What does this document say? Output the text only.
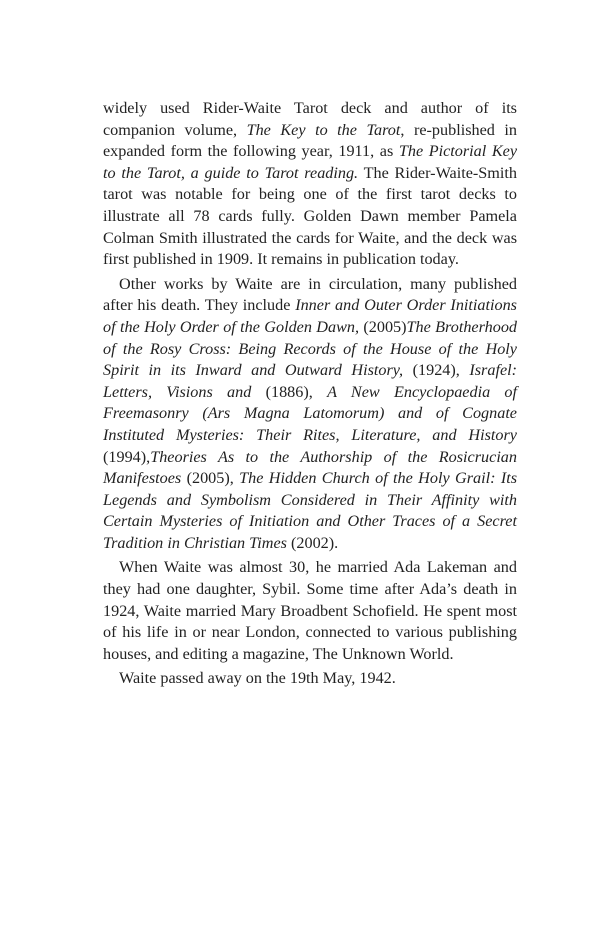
widely used Rider-Waite Tarot deck and author of its companion volume, The Key to the Tarot, re-published in expanded form the following year, 1911, as The Pictorial Key to the Tarot, a guide to Tarot reading. The Rider-Waite-Smith tarot was notable for being one of the first tarot decks to illustrate all 78 cards fully. Golden Dawn member Pamela Colman Smith illustrated the cards for Waite, and the deck was first published in 1909. It remains in publication today.

Other works by Waite are in circulation, many published after his death. They include Inner and Outer Order Initiations of the Holy Order of the Golden Dawn, (2005)The Brotherhood of the Rosy Cross: Being Records of the House of the Holy Spirit in its Inward and Outward History, (1924), Israfel: Letters, Visions and (1886), A New Encyclopaedia of Freemasonry (Ars Magna Latomorum) and of Cognate Instituted Mysteries: Their Rites, Literature, and History (1994),Theories As to the Authorship of the Rosicrucian Manifestoes (2005), The Hidden Church of the Holy Grail: Its Legends and Symbolism Considered in Their Affinity with Certain Mysteries of Initiation and Other Traces of a Secret Tradition in Christian Times (2002).

When Waite was almost 30, he married Ada Lakeman and they had one daughter, Sybil. Some time after Ada’s death in 1924, Waite married Mary Broadbent Schofield. He spent most of his life in or near London, connected to various publishing houses, and editing a magazine, The Unknown World.

Waite passed away on the 19th May, 1942.
